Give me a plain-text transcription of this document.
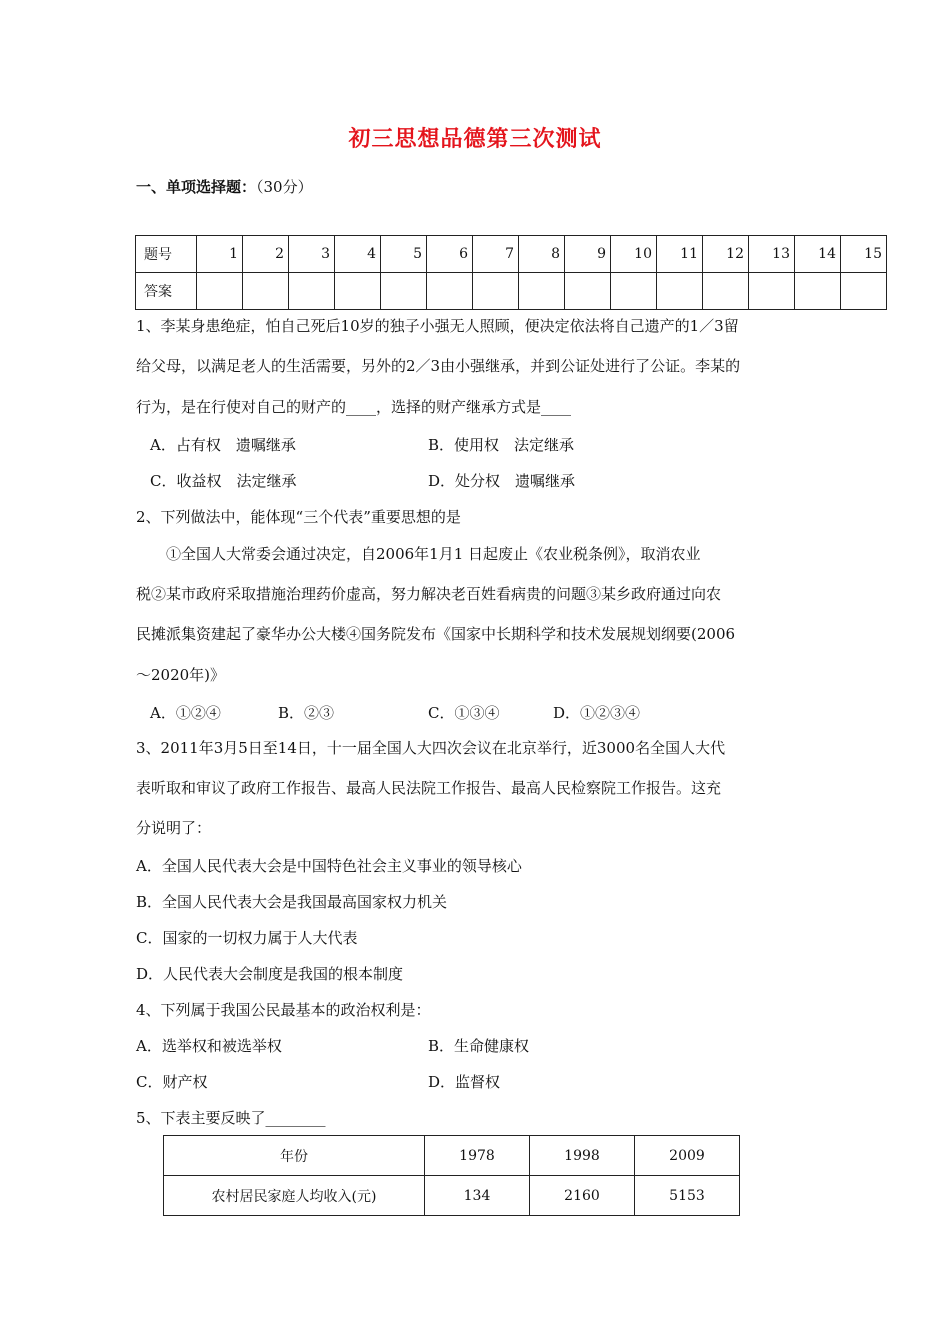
初三思想品德第三次测试
一、单项选择题：（30分）
题号	1	2	3	4	5	6	7	8	9	10	11	12	13	14	15
答案															
1、李某身患绝症，怕自己死后10岁的独子小强无人照顾，便决定依法将自己遗产的1／3留
给父母，以满足老人的生活需要，另外的2／3由小强继承，并到公证处进行了公证。李某的
行为，是在行使对自己的财产的____，选择的财产继承方式是____
A．占有权　遗嘱继承	B．使用权　法定继承
C．收益权　法定继承	D．处分权　遗嘱继承
2、下列做法中，能体现“三个代表”重要思想的是
　　①全国人大常委会通过决定，自2006年1月1 日起废止《农业税条例》，取消农业
税②某市政府采取措施治理药价虚高，努力解决老百姓看病贵的问题③某乡政府通过向农
民摊派集资建起了豪华办公大楼④国务院发布《国家中长期科学和技术发展规划纲要(2006
～2020年)》
A．①②④	B．②③	C．①③④	D．①②③④
3、2011年3月5日至14日，十一届全国人大四次会议在北京举行，近3000名全国人大代
表听取和审议了政府工作报告、最高人民法院工作报告、最高人民检察院工作报告。这充
分说明了：
A．全国人民代表大会是中国特色社会主义事业的领导核心
B．全国人民代表大会是我国最高国家权力机关
C．国家的一切权力属于人大代表
D．人民代表大会制度是我国的根本制度
4、下列属于我国公民最基本的政治权利是：
A．选举权和被选举权	B．生命健康权
C．财产权	D．监督权
5、下表主要反映了________
年份	1978	1998	2009
农村居民家庭人均收入(元)	134	2160	5153
